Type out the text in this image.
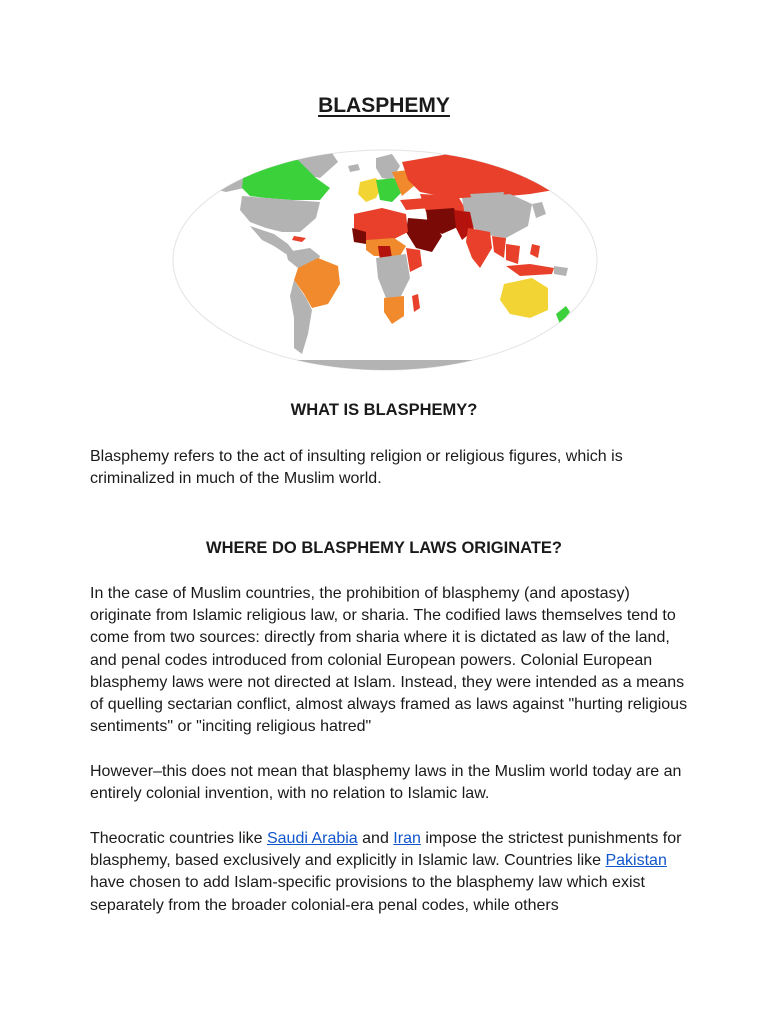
BLASPHEMY
WHAT IS BLASPHEMY?

Blasphemy refers to the act of insulting religion or religious figures, which is criminalized in much of the Muslim world.

WHERE DO BLASPHEMY LAWS ORIGINATE?

In the case of Muslim countries, the prohibition of blasphemy (and apostasy) originate from Islamic religious law, or sharia. The codified laws themselves tend to come from two sources: directly from sharia where it is dictated as law of the land, and penal codes introduced from colonial European powers. Colonial European blasphemy laws were not directed at Islam. Instead, they were intended as a means of quelling sectarian conflict, almost always framed as laws against "hurting religious sentiments" or "inciting religious hatred"

However–this does not mean that blasphemy laws in the Muslim world today are an entirely colonial invention, with no relation to Islamic law.

Theocratic countries like Saudi Arabia and Iran impose the strictest punishments for blasphemy, based exclusively and explicitly in Islamic law. Countries like Pakistan have chosen to add Islam-specific provisions to the blasphemy law which exist separately from the broader colonial-era penal codes, while others
